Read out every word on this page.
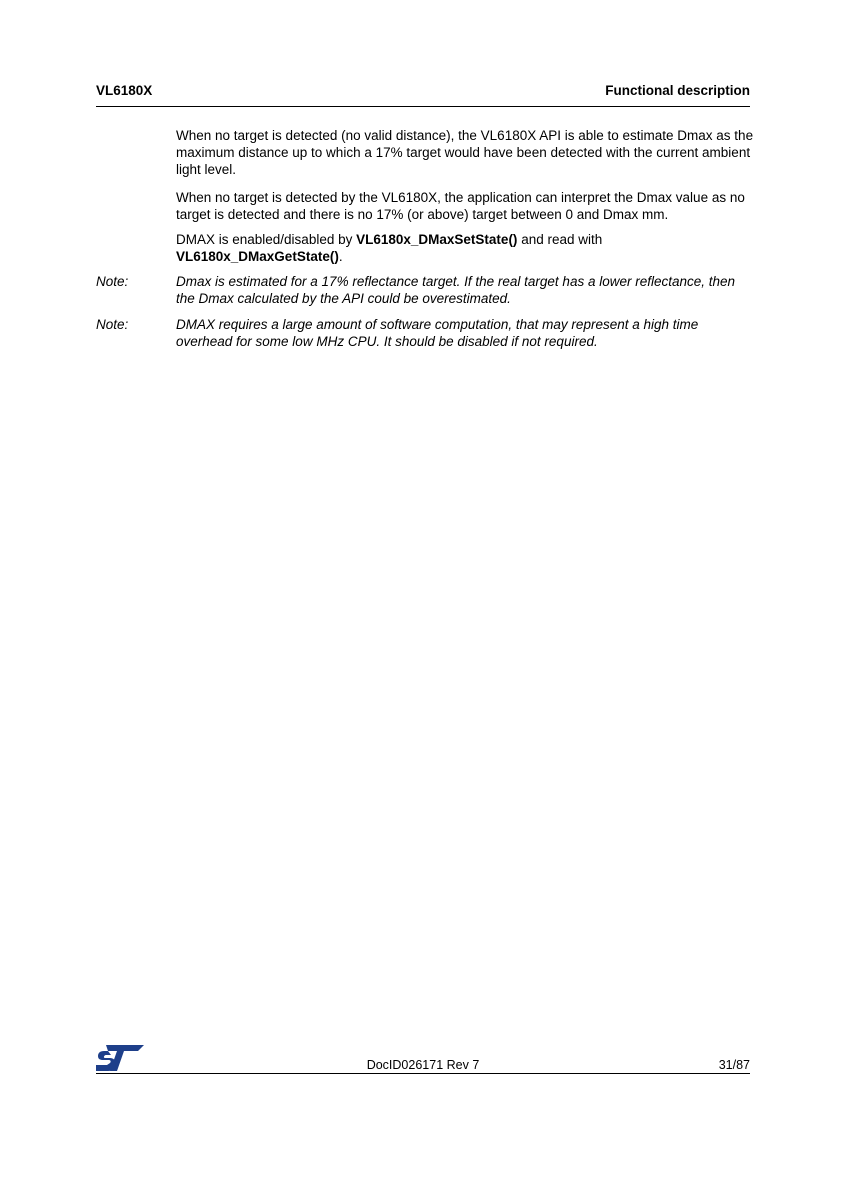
VL6180X	Functional description

When no target is detected (no valid distance), the VL6180X API is able to estimate Dmax as the maximum distance up to which a 17% target would have been detected with the current ambient light level.

When no target is detected by the VL6180X, the application can interpret the Dmax value as no target is detected and there is no 17% (or above) target between 0 and Dmax mm.

DMAX is enabled/disabled by VL6180x_DMaxSetState() and read with
VL6180x_DMaxGetState().

Note:	Dmax is estimated for a 17% reflectance target. If the real target has a lower reflectance, then the Dmax calculated by the API could be overestimated.

Note:	DMAX requires a large amount of software computation, that may represent a high time overhead for some low MHz CPU. It should be disabled if not required.

DocID026171 Rev 7	31/87
